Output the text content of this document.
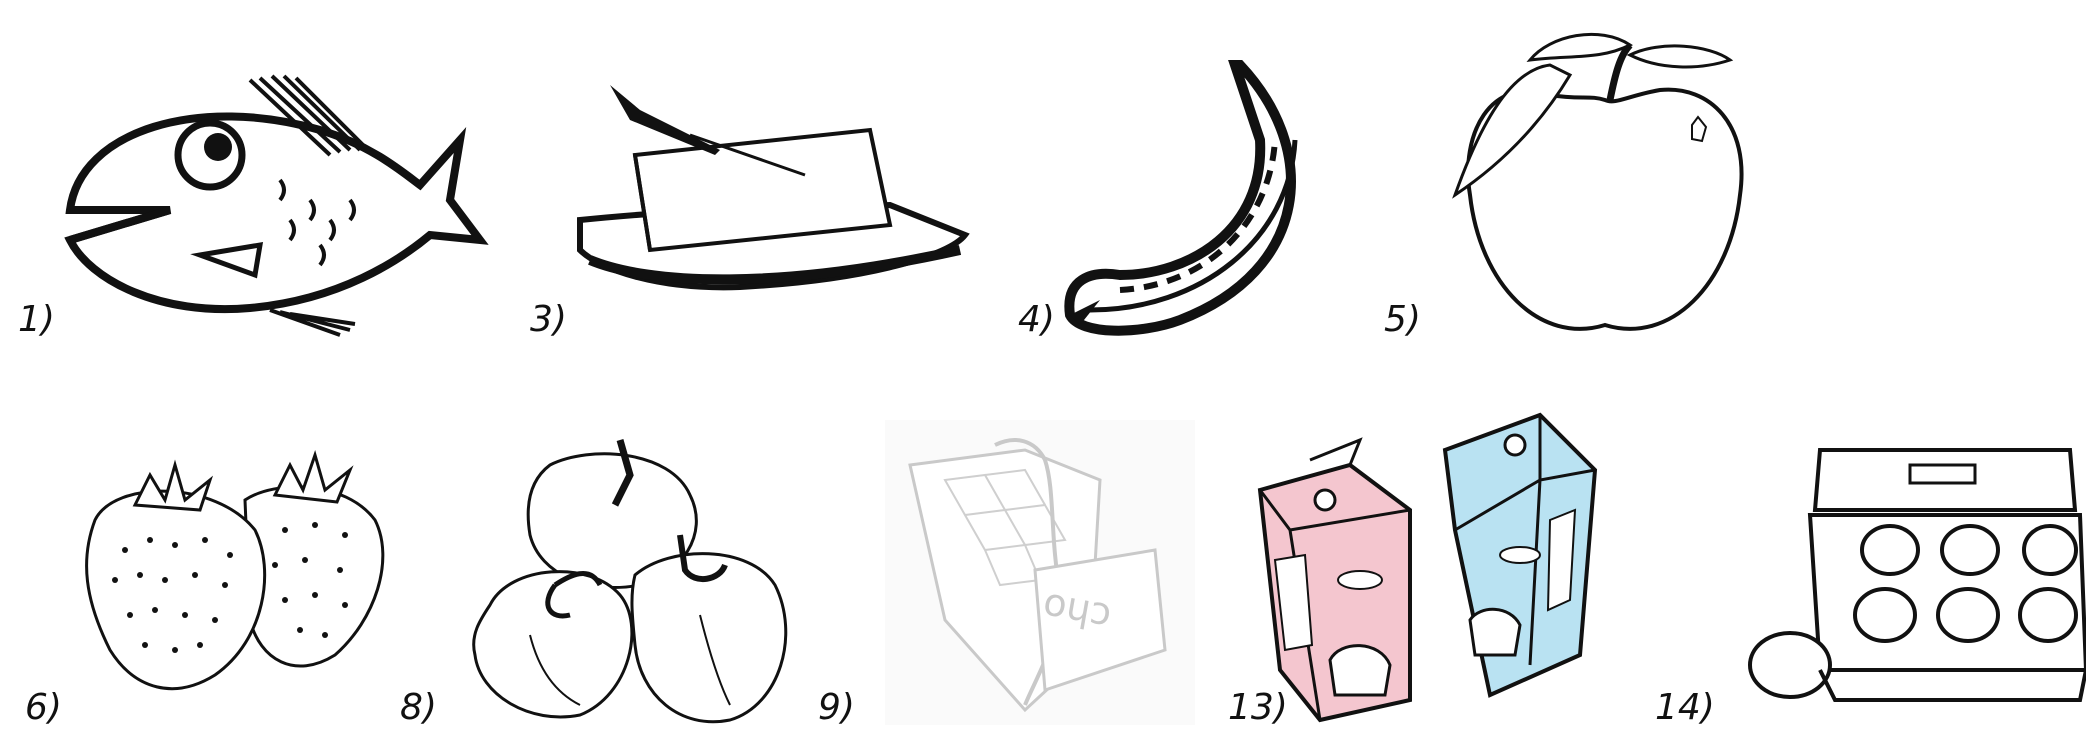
1)	3)	4)	5)
6)	8)
cho
9)	13)	14)
